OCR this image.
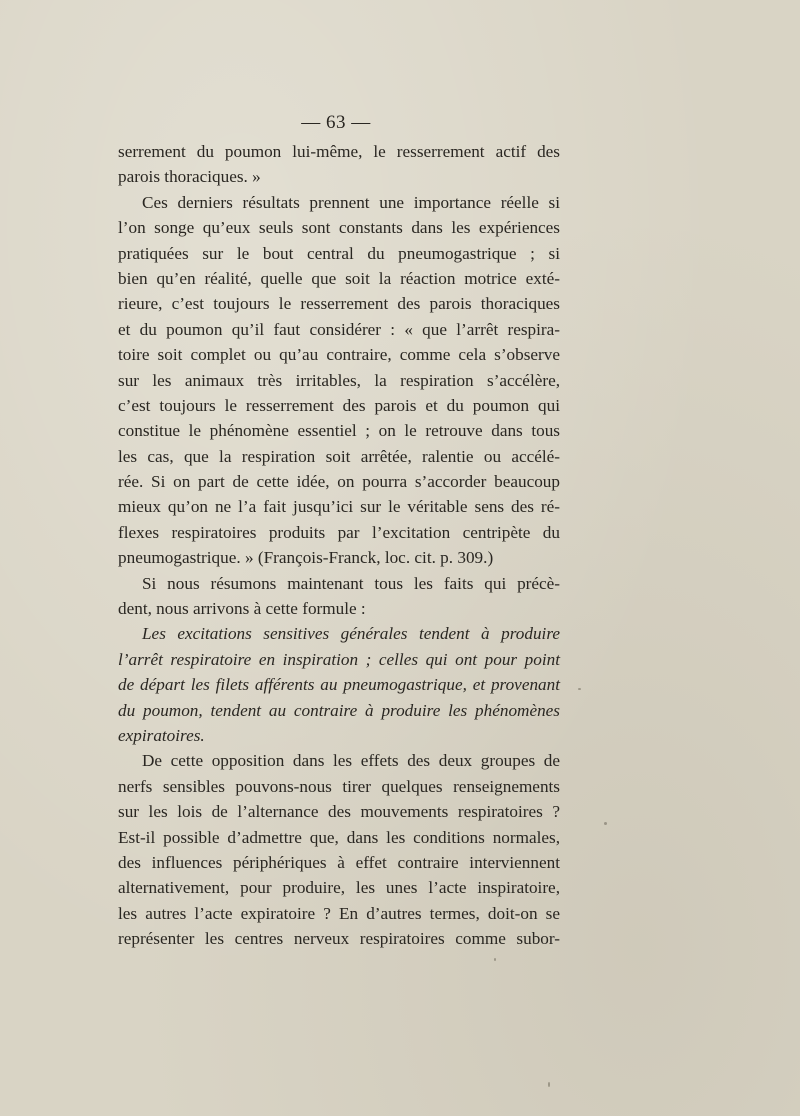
— 63 —
serrement du poumon lui-même, le resserrement actif des
parois thoraciques. »
Ces derniers résultats prennent une importance réelle si
l’on songe qu’eux seuls sont constants dans les expériences
pratiquées sur le bout central du pneumogastrique ; si
bien qu’en réalité, quelle que soit la réaction motrice exté-
rieure, c’est toujours le resserrement des parois thoraciques
et du poumon qu’il faut considérer : « que l’arrêt respira-
toire soit complet ou qu’au contraire, comme cela s’observe
sur les animaux très irritables, la respiration s’accélère,
c’est toujours le resserrement des parois et du poumon qui
constitue le phénomène essentiel ; on le retrouve dans tous
les cas, que la respiration soit arrêtée, ralentie ou accélé-
rée. Si on part de cette idée, on pourra s’accorder beaucoup
mieux qu’on ne l’a fait jusqu’ici sur le véritable sens des ré-
flexes respiratoires produits par l’excitation centripète du
pneumogastrique. » (François-Franck, loc. cit. p. 309.)
Si nous résumons maintenant tous les faits qui précè-
dent, nous arrivons à cette formule :
Les excitations sensitives générales tendent à produire
l’arrêt respiratoire en inspiration ; celles qui ont pour point
de départ les filets afférents au pneumogastrique, et provenant
du poumon, tendent au contraire à produire les phénomènes
expiratoires.
De cette opposition dans les effets des deux groupes de
nerfs sensibles pouvons-nous tirer quelques renseignements
sur les lois de l’alternance des mouvements respiratoires ?
Est-il possible d’admettre que, dans les conditions normales,
des influences périphériques à effet contraire interviennent
alternativement, pour produire, les unes l’acte inspiratoire,
les autres l’acte expiratoire ? En d’autres termes, doit-on se
représenter les centres nerveux respiratoires comme subor-
